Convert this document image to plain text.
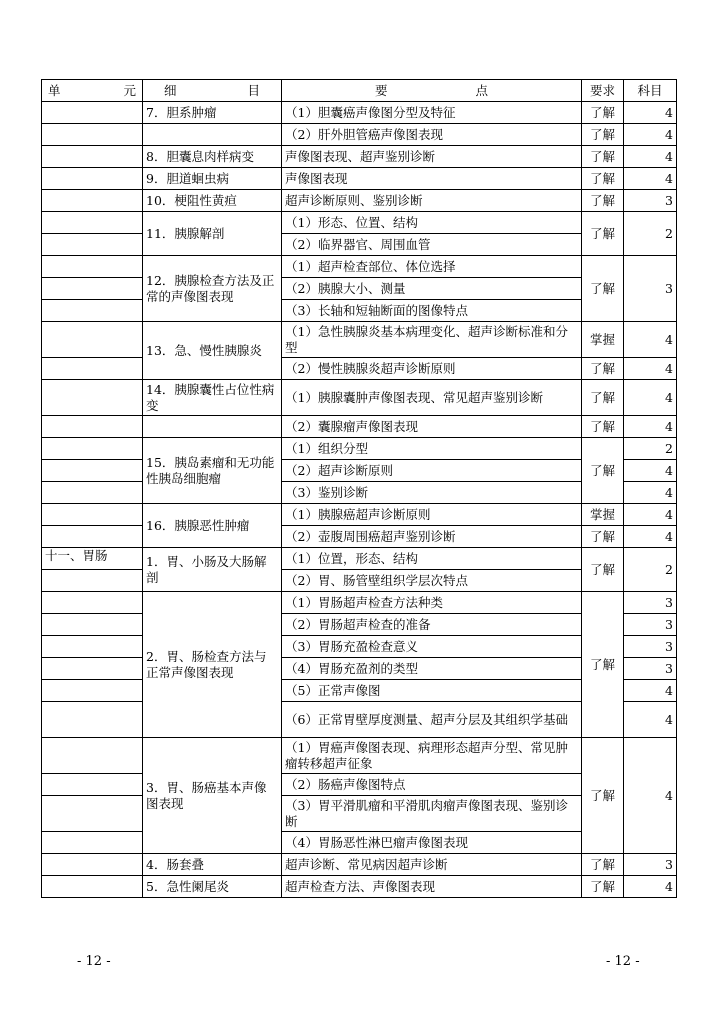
单　　　　元	细 目	要 点	要求	科目
	7．胆系肿瘤	（1）胆囊癌声像图分型及特征	了解	4
		（2）肝外胆管癌声像图表现	了解	4
	8．胆囊息肉样病变	声像图表现、超声鉴别诊断	了解	4
	9．胆道蛔虫病	声像图表现	了解	4
	10．梗阻性黄疸	超声诊断原则、鉴别诊断	了解	3
	11．胰腺解剖	（1）形态、位置、结构	了解	2
		（2）临界器官、周围血管		
	12．胰腺检查方法及正常的声像图表现	（1）超声检查部位、体位选择	了解	3
		（2）胰腺大小、测量		
		（3）长轴和短轴断面的图像特点		
	13．急、慢性胰腺炎	（1）急性胰腺炎基本病理变化、超声诊断标准和分型	掌握	4
		（2）慢性胰腺炎超声诊断原则	了解	4
	14．胰腺囊性占位性病变	（1）胰腺囊肿声像图表现、常见超声鉴别诊断	了解	4
		（2）囊腺瘤声像图表现	了解	4
	15．胰岛素瘤和无功能性胰岛细胞瘤	（1）组织分型	了解	2
		（2）超声诊断原则		4
		（3）鉴别诊断		4
	16．胰腺恶性肿瘤	（1）胰腺癌超声诊断原则	掌握	4
		（2）壶腹周围癌超声鉴别诊断	了解	4
十一、胃肠	1．胃、小肠及大肠解剖	（1）位置，形态、结构	了解	2
		（2）胃、肠管壁组织学层次特点		
	2．胃、肠检查方法与正常声像图表现	（1）胃肠超声检查方法种类	了解	3
		（2）胃肠超声检查的准备		3
		（3）胃肠充盈检查意义		3
		（4）胃肠充盈剂的类型		3
		（5）正常声像图		4
		（6）正常胃壁厚度测量、超声分层及其组织学基础		4
	3．胃、肠癌基本声像图表现	（1）胃癌声像图表现、病理形态超声分型、常见肿瘤转移超声征象	了解	4
		（2）肠癌声像图特点		
		（3）胃平滑肌瘤和平滑肌肉瘤声像图表现、鉴别诊断		
		（4）胃肠恶性淋巴瘤声像图表现		
	4．肠套叠	超声诊断、常见病因超声诊断	了解	3
	5．急性阑尾炎	超声检查方法、声像图表现	了解	4
- 12 -	- 12 -
